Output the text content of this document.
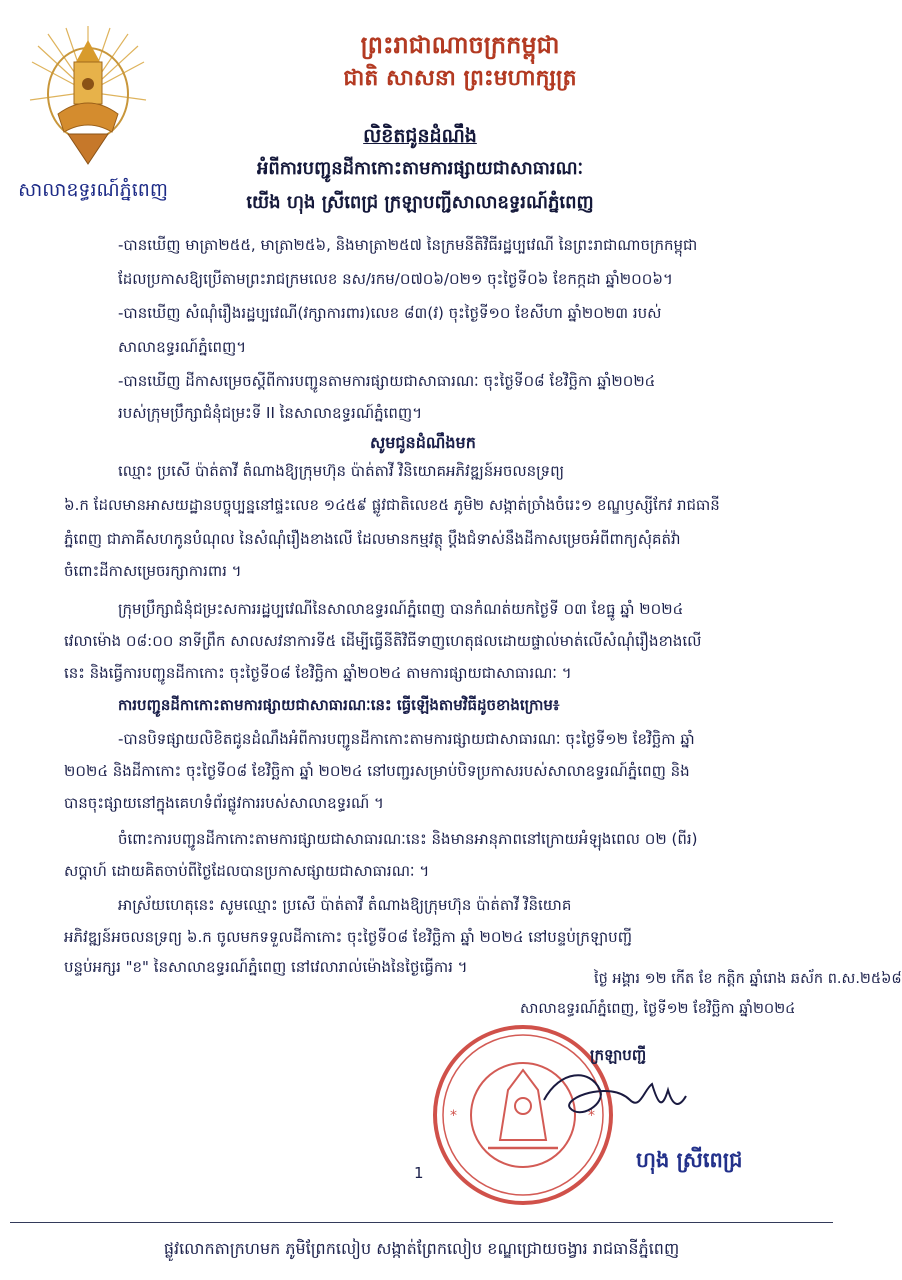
សាលាឧទ្ធរណ៍ភ្នំពេញ
ព្រះរាជាណាចក្រកម្ពុជា
ជាតិ សាសនា ព្រះមហាក្សត្រ
លិខិតជូនដំណឹង
អំពីការបញ្ជូនដីកាកោះតាមការផ្សាយជាសាធារណៈ
យើង ហុង ស្រីពេជ្រ ក្រឡាបញ្ជីសាលាឧទ្ធរណ៍ភ្នំពេញ
-បានឃើញ មាត្រា២៥៥, មាត្រា២៥៦, និងមាត្រា២៥៧ នៃក្រមនីតិវិធីរដ្ឋប្បវេណី នៃព្រះរាជាណាចក្រកម្ពុជា
ដែលប្រកាសឱ្យប្រើតាមព្រះរាជក្រមលេខ នស/រកម/០៧០៦/០២១ ចុះថ្ងៃទី០៦ ខែកក្កដា ឆ្នាំ២០០៦។
-បានឃើញ សំណុំរឿងរដ្ឋប្បវេណី(វក្សាការពារ)លេខ ៨៣(វ) ចុះថ្ងៃទី១០ ខែសីហា ឆ្នាំ២០២៣ របស់
សាលាឧទ្ធរណ៍ភ្នំពេញ។
-បានឃើញ ដីកាសម្រេចស្តីពីការបញ្ជូនតាមការផ្សាយជាសាធារណៈ ចុះថ្ងៃទី០៨ ខែវិច្ឆិកា ឆ្នាំ២០២៤
របស់ក្រុមប្រឹក្សាជំនុំជម្រះទី II នៃសាលាឧទ្ធរណ៍ភ្នំពេញ។
សូមជូនដំណឹងមក
ឈ្មោះ ប្រសើ ប៉ាត់តាវី តំណាងឱ្យក្រុមហ៊ុន ប៉ាត់តាវី វិនិយោគអភិវឌ្ឍន៍អចលនទ្រព្យ
៦.ក ដែលមានអាសយដ្ឋានបច្ចុប្បន្ននៅផ្ទះលេខ ១៤៥៩ ផ្លូវជាតិលេខ៥ ភូមិ២ សង្កាត់ច្រាំងចំរេះ១ ខណ្ឌឫស្សីកែវ រាជធានី
ភ្នំពេញ ជាភាគីសហកូនបំណុល នៃសំណុំរឿងខាងលើ ដែលមានកម្មវត្ថុ ប្តឹងជំទាស់នឹងដីកាសម្រេចអំពីពាក្យសុំគត់វ៉ា
ចំពោះដីកាសម្រេចរក្សាការពារ ។
ក្រុមប្រឹក្សាជំនុំជម្រះសការរដ្ឋប្បវេណីនៃសាលាឧទ្ធរណ៍ភ្នំពេញ បានកំណត់យកថ្ងៃទី ០៣ ខែធ្នូ ឆ្នាំ ២០២៤
វេលាម៉ោង ០៨:០០ នាទីព្រឹក សាលសវនាការទី៥ ដើម្បីធ្វើនីតិវិធីទាញហេតុផលដោយផ្ទាល់មាត់លើសំណុំរឿងខាងលើ
នេះ និងធ្វើការបញ្ជូនដីកាកោះ ចុះថ្ងៃទី០៨ ខែវិច្ឆិកា ឆ្នាំ២០២៤ តាមការផ្សាយជាសាធារណៈ ។
ការបញ្ជូនដីកាកោះតាមការផ្សាយជាសាធារណៈនេះ ធ្វើឡើងតាមវិធីដូចខាងក្រោម៖
-បានបិទផ្សាយលិខិតជូនដំណឹងអំពីការបញ្ជូនដីកាកោះតាមការផ្សាយជាសាធារណៈ ចុះថ្ងៃទី១២ ខែវិច្ឆិកា ឆ្នាំ
២០២៤ និងដីកាកោះ ចុះថ្ងៃទី០៨ ខែវិច្ឆិកា ឆ្នាំ ២០២៤ នៅបញ្ជរសម្រាប់បិទប្រកាសរបស់សាលាឧទ្ធរណ៍ភ្នំពេញ និង
បានចុះផ្សាយនៅក្នុងគេហទំព័រផ្លូវការរបស់សាលាឧទ្ធរណ៍ ។
ចំពោះការបញ្ជូនដីកាកោះតាមការផ្សាយជាសាធារណៈនេះ និងមានអានុភាពនៅក្រោយអំឡុងពេល ០២ (ពីរ)
សប្តាហ៍ ដោយគិតចាប់ពីថ្ងៃដែលបានប្រកាសផ្សាយជាសាធារណៈ ។
អាស្រ័យហេតុនេះ សូមឈ្មោះ ប្រសើ ប៉ាត់តាវី តំណាងឱ្យក្រុមហ៊ុន ប៉ាត់តាវី វិនិយោគ
អភិវឌ្ឍន៍អចលនទ្រព្យ ៦.ក ចូលមកទទួលដីកាកោះ ចុះថ្ងៃទី០៨ ខែវិច្ឆិកា ឆ្នាំ ២០២៤ នៅបន្ទប់ក្រឡាបញ្ជី
បន្ទប់អក្សរ "ខ" នៃសាលាឧទ្ធរណ៍ភ្នំពេញ នៅវេលារាល់ម៉ោងនៃថ្ងៃធ្វើការ ។
ថ្ងៃ អង្គារ ១២ កើត ខែ កត្តិក ឆ្នាំរោង ឆស័ក ព.ស.២៥៦៨
សាលាឧទ្ធរណ៍ភ្នំពេញ, ថ្ងៃទី១២ ខែវិច្ឆិកា ឆ្នាំ២០២៤
*	*
ក្រឡាបញ្ជី
1
ហុង ស្រីពេជ្រ
ផ្លូវលោកតាក្រហមក ភូមិព្រែកលៀប សង្កាត់ព្រែកលៀប ខណ្ឌជ្រោយចង្វារ រាជធានីភ្នំពេញ
